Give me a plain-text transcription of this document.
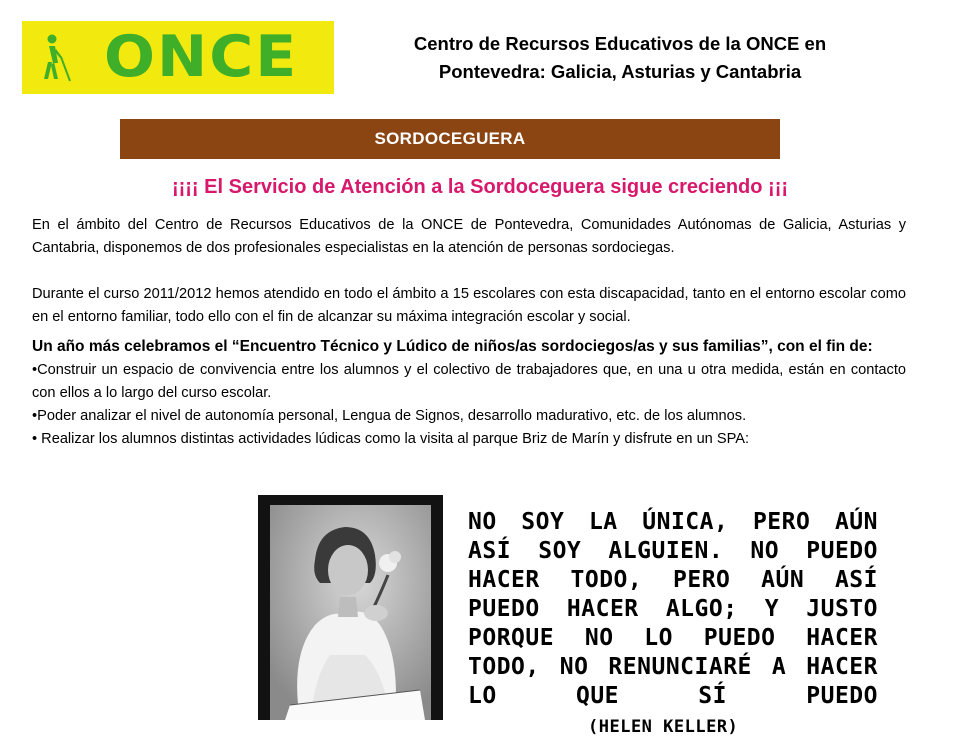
ONCE	Centro de Recursos Educativos de la ONCE en Pontevedra: Galicia, Asturias y Cantabria
SORDOCEGUERA
¡¡¡¡ El Servicio de Atención a la Sordoceguera sigue creciendo ¡¡¡

En el ámbito del Centro de Recursos Educativos de la ONCE de Pontevedra, Comunidades Autónomas de Galicia, Asturias y Cantabria, disponemos de dos profesionales especialistas en la atención de personas sordociegas.

Durante el curso 2011/2012 hemos atendido en todo el ámbito a 15 escolares con esta discapacidad, tanto en el entorno escolar como en el entorno familiar, todo ello con el fin de alcanzar su máxima integración escolar y social.

Un año más celebramos el “Encuentro Técnico y Lúdico de niños/as sordociegos/as y sus familias”, con el fin de:

•Construir un espacio de convivencia entre los alumnos y el colectivo de trabajadores que, en una u otra medida, están en contacto con ellos a lo largo del curso escolar.

•Poder analizar el nivel de autonomía personal, Lengua de Signos, desarrollo madurativo, etc. de los alumnos.

• Realizar los alumnos distintas actividades lúdicas como la visita al parque Briz de Marín y disfrute en un SPA:

NO SOY LA ÚNICA, PERO AÚN ASÍ SOY ALGUIEN. NO PUEDO HACER TODO, PERO AÚN ASÍ PUEDO HACER ALGO; Y JUSTO PORQUE NO LO PUEDO HACER TODO, NO RENUNCIARÉ A HACER LO QUE SÍ PUEDO (HELEN KELLER)
